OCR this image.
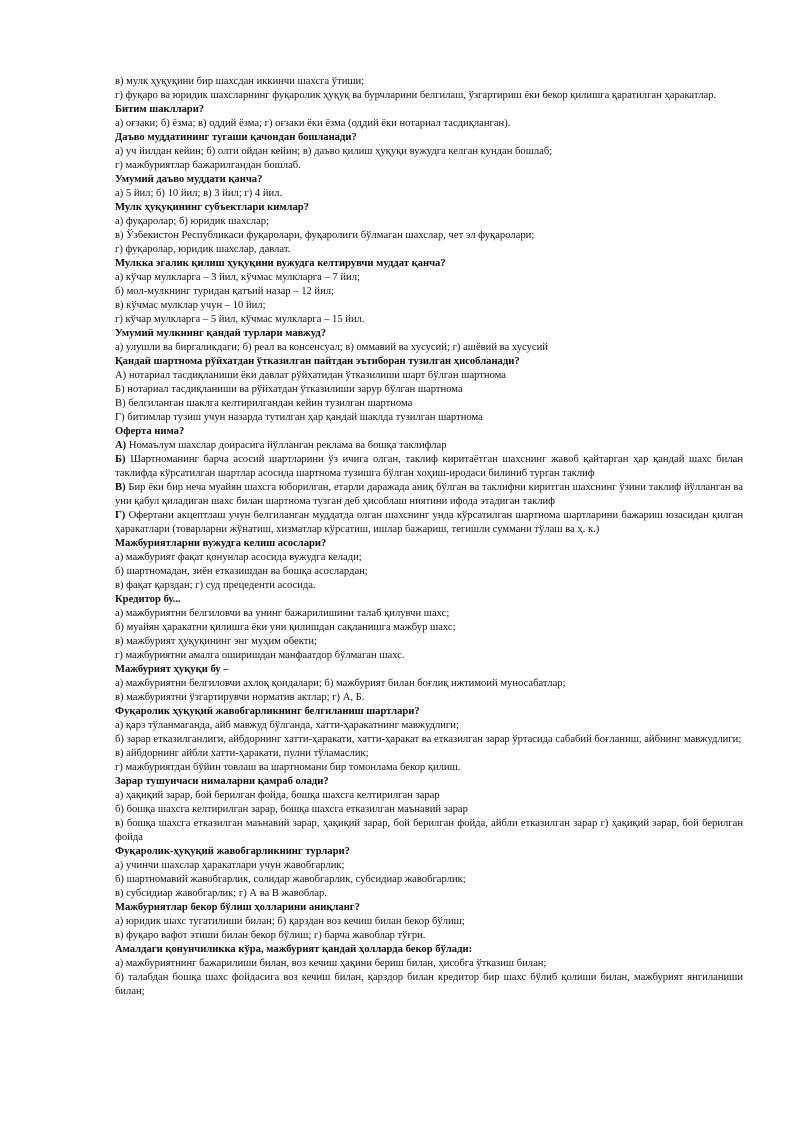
в) мулк ҳуқуқини бир шахсдан иккинчи шахсга ўтиши;

г) фуқаро ва юридик шахсларнинг фуқаролик ҳуқуқ ва бурчларини белгилаш, ўзгартириш ёки бекор қилишга қаратилган ҳаракатлар.

Битим шакллари?

а) оғзаки; б) ёзма; в) оддий ёзма; г) оғзаки ёки ёзма (оддий ёки нотариал тасдиқланган).

Даъво муддатининг тугаши қачондан бошланади?

а) уч йилдан кейин; б) олти ойдан кейин; в) даъво қилиш ҳуқуқи вужудга келган кундан бошлаб;

г) мажбуриятлар бажарилгандан бошлаб.

Умумий даъво муддати қанча?

а) 5 йил; б) 10 йил; в) 3 йил; г) 4 йил.

Мулк ҳуқуқининг субъектлари кимлар?

а) фуқаролар; б) юридик шахслар;

в) Ўзбекистон Республикаси фуқаролари, фуқаролиги бўлмаган шахслар, чет эл фуқаролари;

г) фуқаролар, юридик шахслар, давлат.

Мулкка эгалик қилиш ҳуқуқини вужудга келтирувчи муддат қанча?

а) кўчар мулкларга – 3 йил, кўчмас мулкларга – 7 йил;

б) мол-мулкнинг туридан қатъий назар – 12 йил;

в) кўчмас мулклар учун – 10 йил;

г) кўчар мулкларга – 5 йил, кўчмас мулкларга – 15 йил.

Умумий мулкнинг қандай турлари мавжуд?

а) улушли ва биргаликдаги; б) реал ва консенсуал; в) оммавий ва хусусий; г) ашёвий ва хусусий

Қандай шартнома рўйхатдан ўтказилган пайтдан эътиборан тузилган ҳисобланади?

А) нотариал тасдиқланиши ёки давлат рўйхатидан ўтказилиши шарт бўлган шартнома

Б) нотариал тасдиқланиши ва рўйхатдан ўтказилиши зарур бўлган шартнома

В) белгиланган шаклга келтирилгандан кейин тузилган шартнома

Г) битимлар тузиш учун назарда тутилган ҳар қандай шаклда тузилган шартнома

Оферта нима?

А) Номаълум шахслар доирасига йўлланган реклама ва бошқа таклифлар

Б) Шартноманинг барча асосий шартларини ўз ичига олган, таклиф киритаётган шахснинг жавоб қайтарган ҳар қандай шахс билан таклифда кўрсатилган шартлар асосида шартнома тузишга бўлган хоҳиш-иродаси билиниб турган таклиф

В) Бир ёки бир неча муайян шахсга юборилган, етарли даражада аниқ бўлган ва таклифни киритган шахснинг ўзини таклиф йўлланган ва уни қабул қиладиган шахс билан шартнома тузган деб ҳисоблаш ниятини ифода этадиган таклиф

Г) Офертани акцептлаш учун белгиланган муддатда олган шахснинг унда кўрсатилган шартнома шартларини бажариш юзасидан қилган ҳаракатлари (товарларни жўнатиш, хизматлар кўрсатиш, ишлар бажариш, тегишли суммани тўлаш ва ҳ. к.)

Мажбуриятларни вужудга келиш асослари?

а) мажбурият фақат қонунлар асосида вужудга келади;

б) шартномадан, зиён етказишдан ва бошқа асослардан;

в) фақат қарздан; г) суд прецеденти асосида.

Кредитор бу...

а) мажбуриятни белгиловчи ва унинг бажарилишини талаб қилувчи шахс;

б) муайян ҳаракатни қилишга ёки уни қилишдан сақланишга мажбур шахс;

в) мажбурият ҳуқуқининг энг муҳим обекти;

г) мажбуриятни амалга оширишдан манфаатдор бўлмаган шахс.

Мажбурият ҳуқуқи бу –

а) мажбуриятни белгиловчи ахлоқ қоидалари; б) мажбурият билан боғлиқ ижтимоий муносабатлар;

в) мажбуриятни ўзгартирувчи норматив актлар; г) А, Б.

Фуқаролик ҳуқуқий жавобгарликнинг белгиланиш шартлари?

а) қарз тўланмаганда, айб мавжуд бўлганда, хатти-ҳаракатнинг мавжудлиги;

б) зарар етказилганлиги, айбдорнинг хатти-ҳаракати, хатти-ҳаракат ва етказилган зарар ўртасида сабабий боғланиш, айбнинг мавжудлиги;

в) айбдорнинг айбли хатти-ҳаракати, пулни тўламаслик;

г) мажбуриятдан бўйин товлаш ва шартномани бир томонлама бекор қилиш.

Зарар тушунчаси нималарни қамраб олади?

а) ҳақиқий зарар, бой берилган фойда, бошқа шахсга келтирилган зарар

б) бошқа шахсга келтирилган зарар, бошқа шахсга етказилган маънавий зарар

в) бошқа шахсга етказилган маънавий зарар, ҳақиқий зарар, бой берилган фойда, айбли етказилган зарар г) ҳақиқий зарар, бой берилган фойда

Фуқаролик-ҳуқуқий жавобгарликнинг турлари?

а) учинчи шахслар ҳаракатлари учун жавобгарлик;

б) шартномавий жавобгарлик, солидар жавобгарлик, субсидиар жавобгарлик;

в) субсидиар жавобгарлик; г) А ва В жавоблар.

Мажбуриятлар бекор бўлиш ҳолларини аниқланг?

а) юридик шахс тугатилиши билан; б) қарздан воз кечиш билан бекор бўлиш;

в) фуқаро вафот этиши билан бекор бўлиш; г) барча жавоблар тўғри.

Амалдаги қонунчиликка кўра, мажбурият қандай ҳолларда бекор бўлади:

а) мажбуриятнинг бажарилиши билан, воз кечиш ҳақини бериш билан, ҳисобга ўтказиш билан;

б) талабдан бошқа шахс фойдасига воз кечиш билан, қарздор билан кредитор бир шахс бўлиб қолиши билан, мажбурият янгиланиши билан;
